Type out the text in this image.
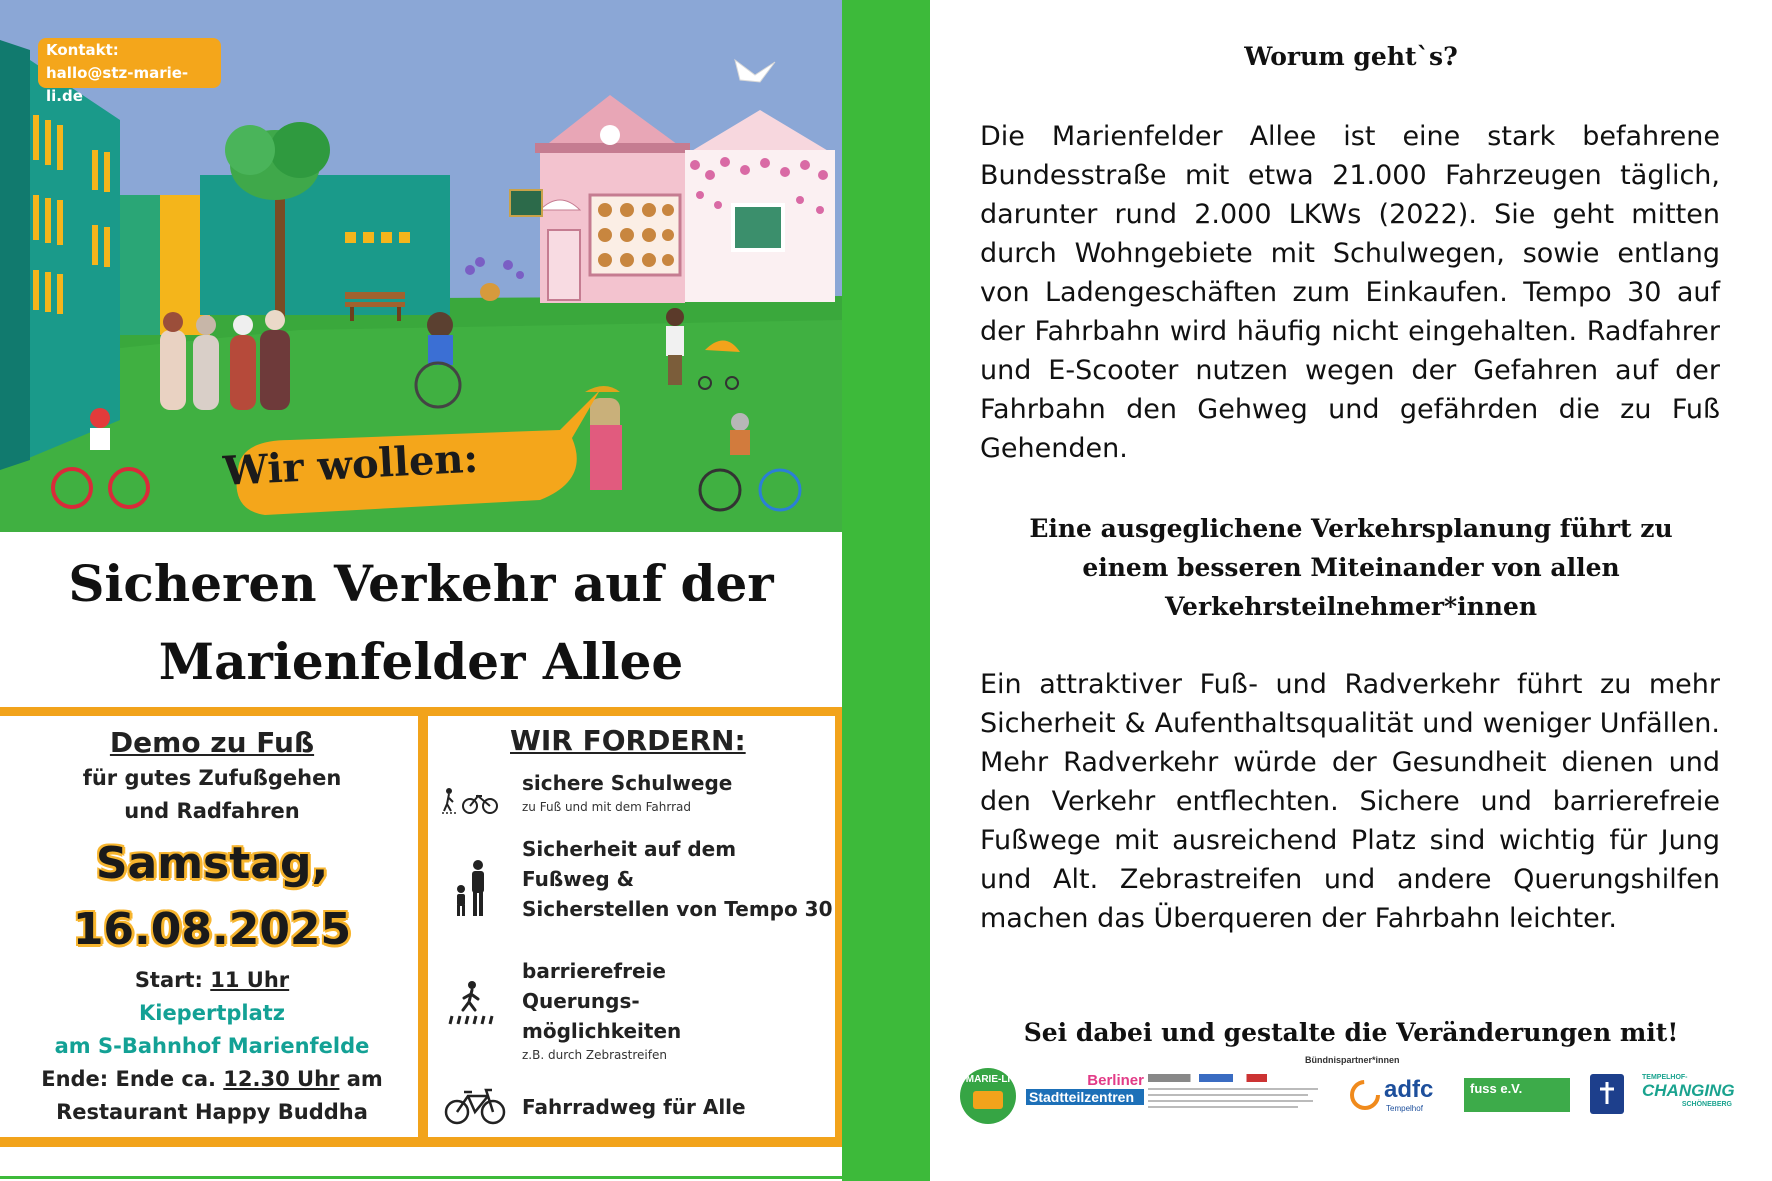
Kontakt:
hallo@stz-marie-li.de
Wir wollen:
Sicheren Verkehr auf der
Marienfelder Allee
Demo zu Fuß
für gutes Zufußgehen
und Radfahren
Samstag,
16.08.2025
Start: 11 Uhr
Kiepertplatz
am S-Bahnhof Marienfelde
Ende: Ende ca. 12.30 Uhr am
Restaurant Happy Buddha
WIR FORDERN:
sichere Schulwege
zu Fuß und mit dem Fahrrad
Sicherheit auf dem
Fußweg &
Sicherstellen von Tempo 30
barrierefreie
Querungs-
möglichkeiten
z.B. durch Zebrastreifen
Fahrradweg für Alle
Worum geht`s?
Die Marienfelder Allee ist eine stark befahrene Bundesstraße mit etwa 21.000 Fahrzeugen täglich, darunter rund 2.000 LKWs (2022). Sie geht mitten durch Wohngebiete mit Schulwegen, sowie entlang von Ladengeschäften zum Einkaufen. Tempo 30 auf der Fahrbahn wird häufig nicht eingehalten. Radfahrer und E-Scooter nutzen wegen der Gefahren auf der Fahrbahn den Gehweg und gefährden die zu Fuß Gehenden.
Eine ausgeglichene Verkehrsplanung führt zu
einem besseren Miteinander von allen
Verkehrsteilnehmer*innen
Ein attraktiver Fuß- und Radverkehr führt zu mehr Sicherheit & Aufenthaltsqualität und weniger Unfällen. Mehr Radverkehr würde der Gesundheit dienen und den Verkehr entflechten. Sichere und barrierefreie Fußwege mit ausreichend Platz sind wichtig für Jung und Alt. Zebrastreifen und andere Querungshilfen machen das Überqueren der Fahrbahn leichter.
Sei dabei und gestalte die Veränderungen mit!
Bündnispartner*innen
MARIE-LI	Berliner
Stadtteilzentren	adfc
Tempelhof
fuss e.V.
TEMPELHOF-
CHANGING
SCHÖNEBERG
